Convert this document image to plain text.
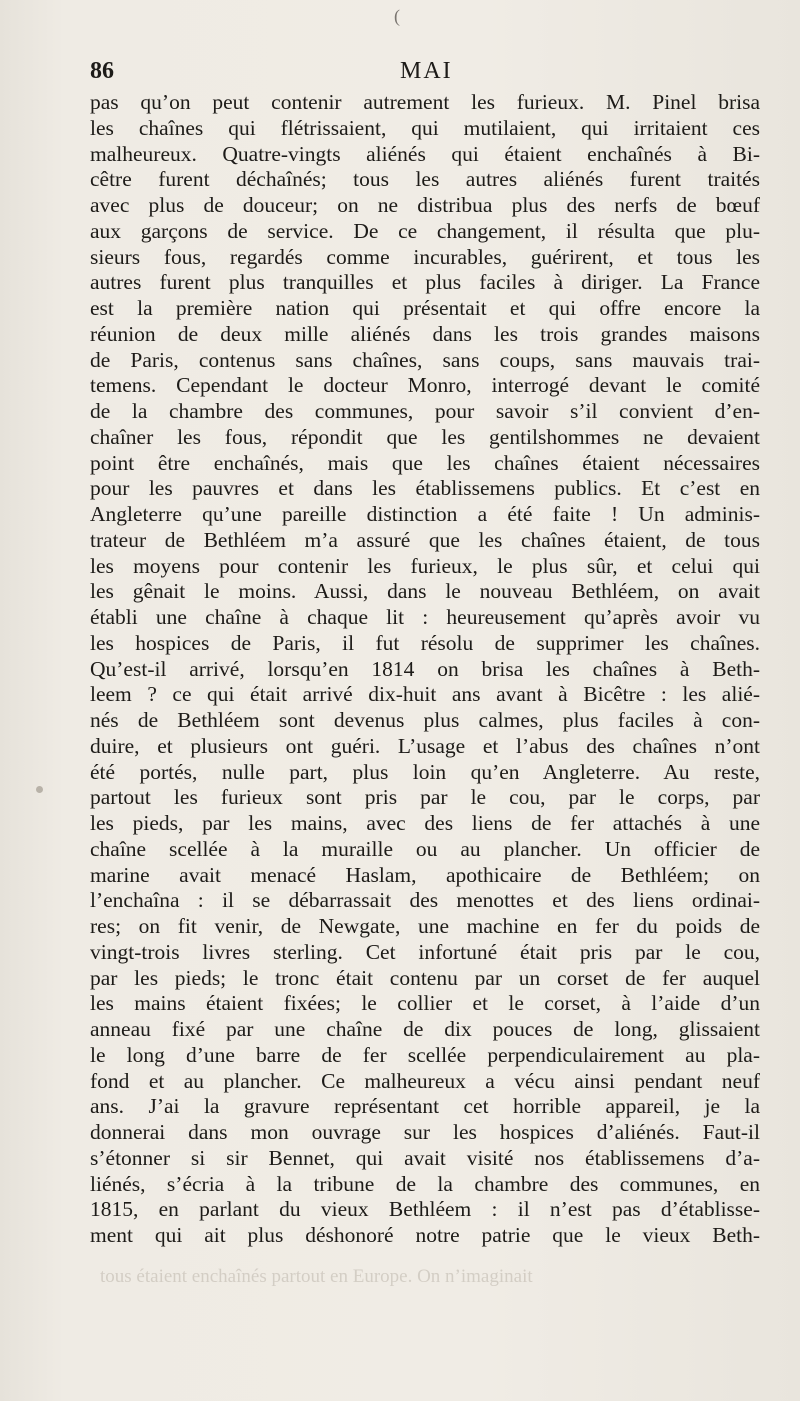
(
86	MAI
pas qu’on peut contenir autrement les furieux. M. Pinel brisa
les chaînes qui flétrissaient, qui mutilaient, qui irritaient ces
malheureux. Quatre-vingts aliénés qui étaient enchaînés à Bi-
cêtre furent déchaînés; tous les autres aliénés furent traités
avec plus de douceur; on ne distribua plus des nerfs de bœuf
aux garçons de service. De ce changement, il résulta que plu-
sieurs fous, regardés comme incurables, guérirent, et tous les
autres furent plus tranquilles et plus faciles à diriger. La France
est la première nation qui présentait et qui offre encore la
réunion de deux mille aliénés dans les trois grandes maisons
de Paris, contenus sans chaînes, sans coups, sans mauvais trai-
temens. Cependant le docteur Monro, interrogé devant le comité
de la chambre des communes, pour savoir s’il convient d’en-
chaîner les fous, répondit que les gentilshommes ne devaient
point être enchaînés, mais que les chaînes étaient nécessaires
pour les pauvres et dans les établissemens publics. Et c’est en
Angleterre qu’une pareille distinction a été faite ! Un adminis-
trateur de Bethléem m’a assuré que les chaînes étaient, de tous
les moyens pour contenir les furieux, le plus sûr, et celui qui
les gênait le moins. Aussi, dans le nouveau Bethléem, on avait
établi une chaîne à chaque lit : heureusement qu’après avoir vu
les hospices de Paris, il fut résolu de supprimer les chaînes.
Qu’est-il arrivé, lorsqu’en 1814 on brisa les chaînes à Beth-
leem ? ce qui était arrivé dix-huit ans avant à Bicêtre : les alié-
nés de Bethléem sont devenus plus calmes, plus faciles à con-
duire, et plusieurs ont guéri. L’usage et l’abus des chaînes n’ont
été portés, nulle part, plus loin qu’en Angleterre. Au reste,
partout les furieux sont pris par le cou, par le corps, par
les pieds, par les mains, avec des liens de fer attachés à une
chaîne scellée à la muraille ou au plancher. Un officier de
marine avait menacé Haslam, apothicaire de Bethléem; on
l’enchaîna : il se débarrassait des menottes et des liens ordinai-
res; on fit venir, de Newgate, une machine en fer du poids de
vingt-trois livres sterling. Cet infortuné était pris par le cou,
par les pieds; le tronc était contenu par un corset de fer auquel
les mains étaient fixées; le collier et le corset, à l’aide d’un
anneau fixé par une chaîne de dix pouces de long, glissaient
le long d’une barre de fer scellée perpendiculairement au pla-
fond et au plancher. Ce malheureux a vécu ainsi pendant neuf
ans. J’ai la gravure représentant cet horrible appareil, je la
donnerai dans mon ouvrage sur les hospices d’aliénés. Faut-il
s’étonner si sir Bennet, qui avait visité nos établissemens d’a-
liénés, s’écria à la tribune de la chambre des communes, en
1815, en parlant du vieux Bethléem : il n’est pas d’établisse-
ment qui ait plus déshonoré notre patrie que le vieux Beth-
tous étaient enchaînés partout en Europe. On n’imaginait
